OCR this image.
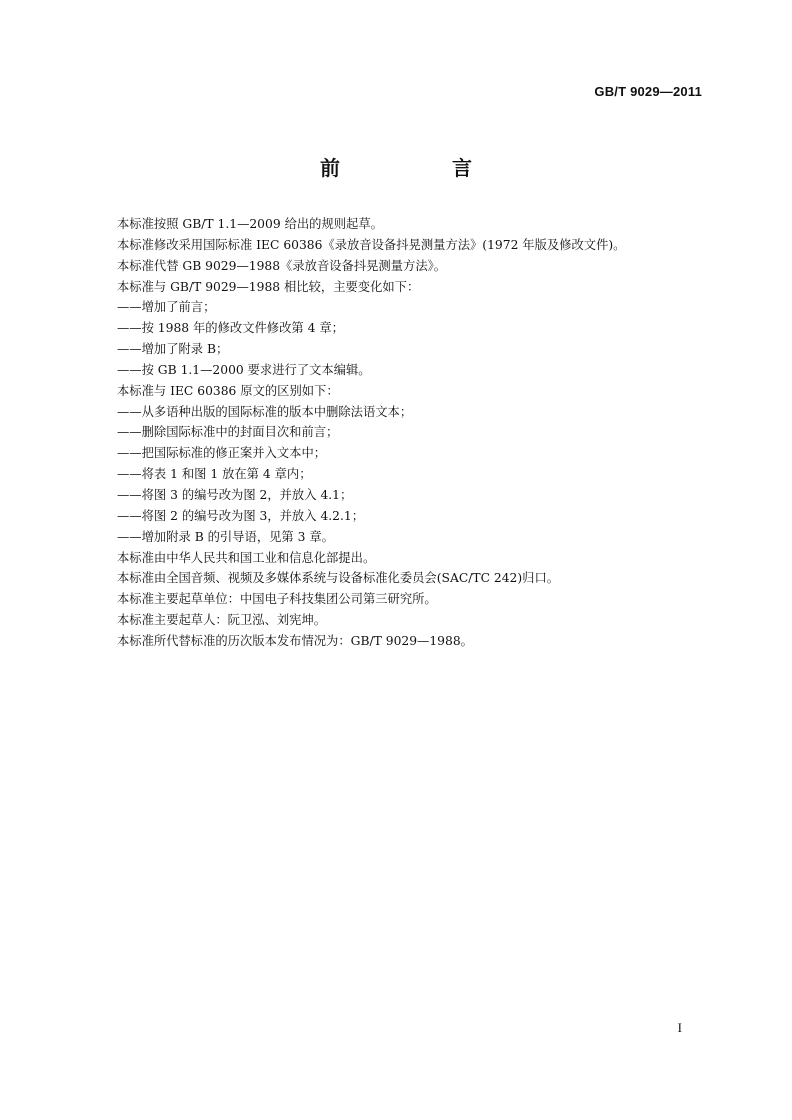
GB/T 9029—2011
前　言
本标准按照 GB/T 1.1—2009 给出的规则起草。
本标准修改采用国际标准 IEC 60386《录放音设备抖晃测量方法》(1972 年版及修改文件)。
本标准代替 GB 9029—1988《录放音设备抖晃测量方法》。
本标准与 GB/T 9029—1988 相比较，主要变化如下：
——增加了前言；
——按 1988 年的修改文件修改第 4 章；
——增加了附录 B；
——按 GB 1.1—2000 要求进行了文本编辑。
本标准与 IEC 60386 原文的区别如下：
——从多语种出版的国际标准的版本中删除法语文本；
——删除国际标准中的封面目次和前言；
——把国际标准的修正案并入文本中；
——将表 1 和图 1 放在第 4 章内；
——将图 3 的编号改为图 2，并放入 4.1；
——将图 2 的编号改为图 3，并放入 4.2.1；
——增加附录 B 的引导语，见第 3 章。
本标准由中华人民共和国工业和信息化部提出。
本标准由全国音频、视频及多媒体系统与设备标准化委员会(SAC/TC 242)归口。
本标准主要起草单位：中国电子科技集团公司第三研究所。
本标准主要起草人：阮卫泓、刘宪坤。
本标准所代替标准的历次版本发布情况为：GB/T 9029—1988。
I
